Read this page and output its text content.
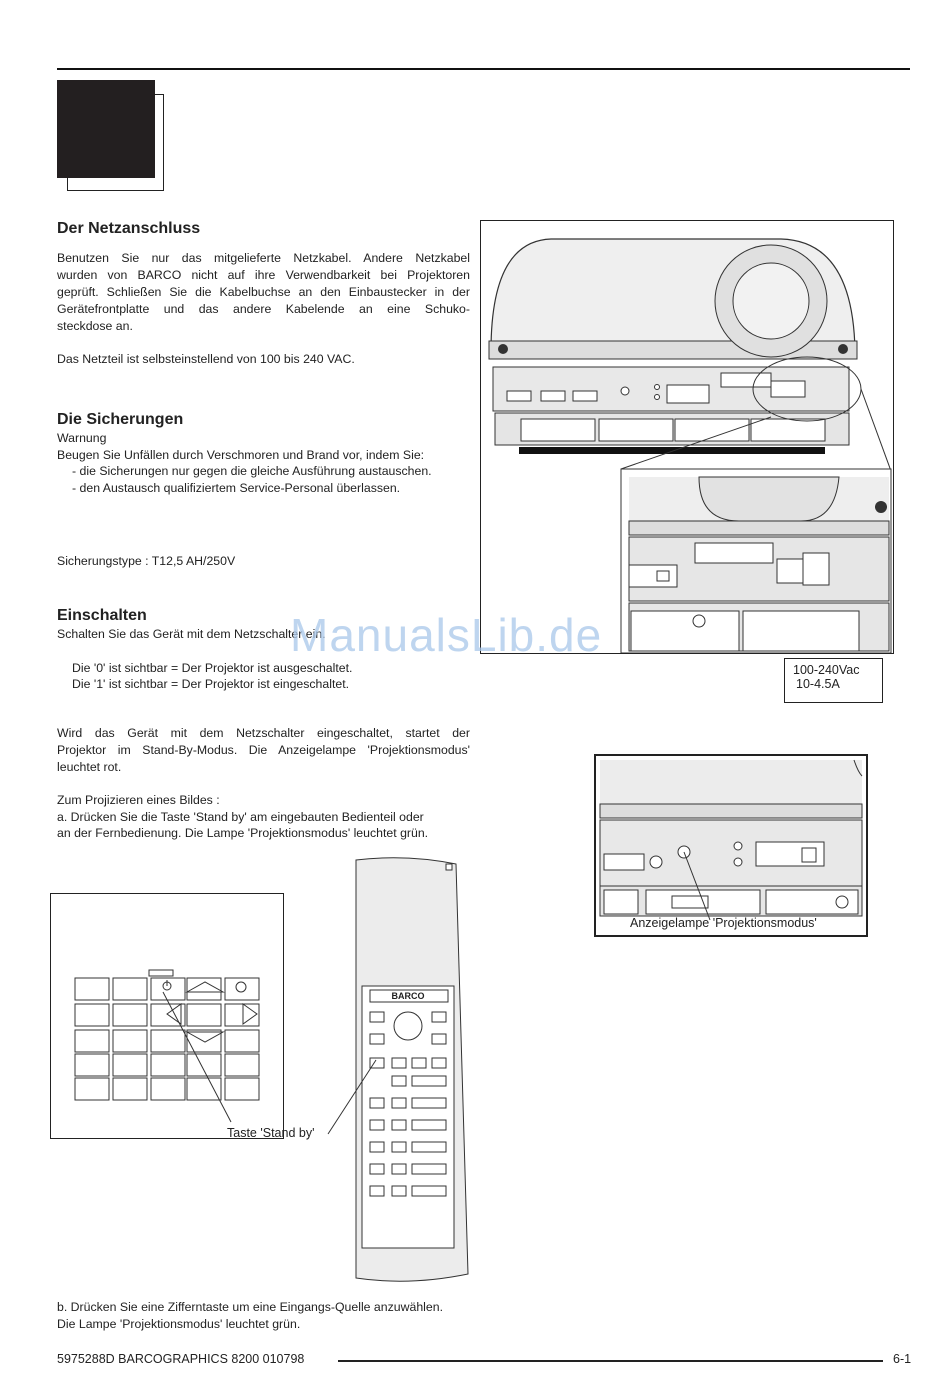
Der Netzanschluss

Benutzen Sie nur das mitgelieferte Netzkabel. Andere Netzkabel

wurden von BARCO nicht auf ihre Verwendbarkeit bei Projektoren

geprüft. Schließen Sie die Kabelbuchse an den Einbaustecker in der

Gerätefrontplatte und das andere Kabelende an eine Schuko-

steckdose an.

Das Netzteil ist selbsteinstellend von 100 bis 240 VAC.

Die Sicherungen

Warnung

Beugen Sie Unfällen durch Verschmoren und Brand vor, indem Sie:

- die Sicherungen nur gegen die gleiche Ausführung austauschen.

- den Austausch qualifiziertem Service-Personal überlassen.

Sicherungstype : T12,5 AH/250V

Einschalten

Schalten Sie das Gerät mit dem Netzschalter ein.

Die '0' ist sichtbar = Der Projektor ist ausgeschaltet.

Die '1' ist sichtbar = Der Projektor ist eingeschaltet.

Wird das Gerät mit dem Netzschalter eingeschaltet, startet der

Projektor im Stand-By-Modus. Die Anzeigelampe 'Projektionsmodus'

leuchtet rot.

Zum Projizieren eines Bildes :

a. Drücken Sie die Taste 'Stand by' am eingebauten Bedienteil oder

an der Fernbedienung. Die Lampe 'Projektionsmodus' leuchtet grün.

b. Drücken Sie eine Zifferntaste um eine Eingangs-Quelle anzuwählen.

Die Lampe 'Projektionsmodus' leuchtet grün.

100-240Vac
10-4.5A
Anzeigelampe 'Projektionsmodus'
Taste 'Stand by'
BARCO
ManualsLib.de
5975288D BARCOGRAPHICS 8200 010798	6-1
